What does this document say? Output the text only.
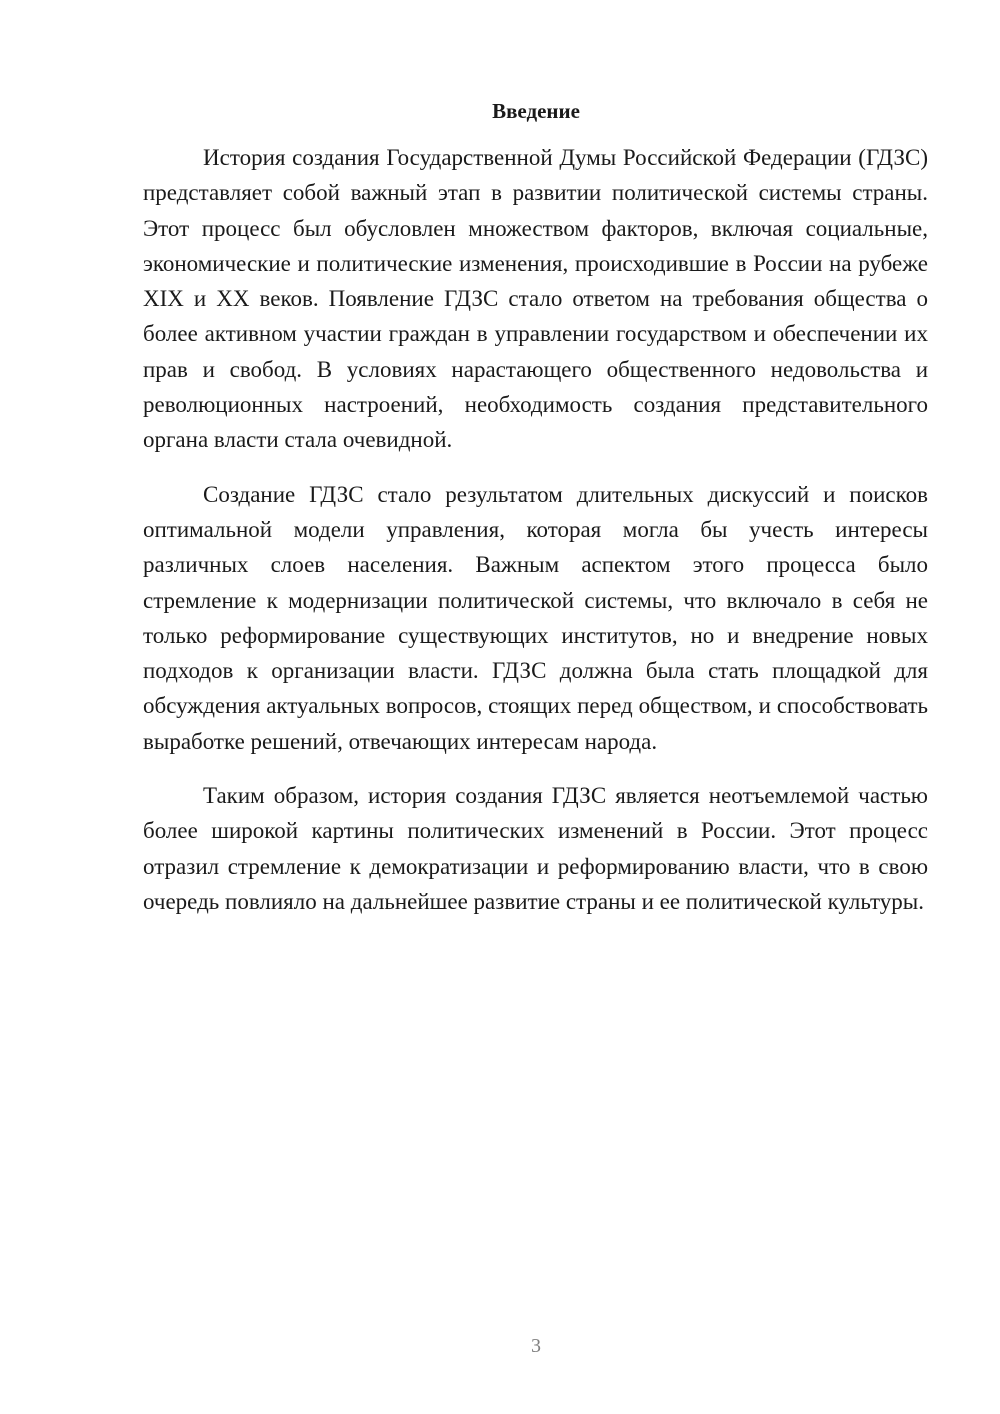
Введение

История создания Государственной Думы Российской Федерации (ГДЗС) представляет собой важный этап в развитии политической системы страны. Этот процесс был обусловлен множеством факторов, включая социальные, экономические и политические изменения, происходившие в России на рубеже XIX и XX веков. Появление ГДЗС стало ответом на требования общества о более активном участии граждан в управлении государством и обеспечении их прав и свобод. В условиях нарастающего общественного недовольства и революционных настроений, необходимость создания представительного органа власти стала очевидной.

Создание ГДЗС стало результатом длительных дискуссий и поисков оптимальной модели управления, которая могла бы учесть интересы различных слоев населения. Важным аспектом этого процесса было стремление к модернизации политической системы, что включало в себя не только реформирование существующих институтов, но и внедрение новых подходов к организации власти. ГДЗС должна была стать площадкой для обсуждения актуальных вопросов, стоящих перед обществом, и способствовать выработке решений, отвечающих интересам народа.

Таким образом, история создания ГДЗС является неотъемлемой частью более широкой картины политических изменений в России. Этот процесс отразил стремление к демократизации и реформированию власти, что в свою очередь повлияло на дальнейшее развитие страны и ее политической культуры.

3
